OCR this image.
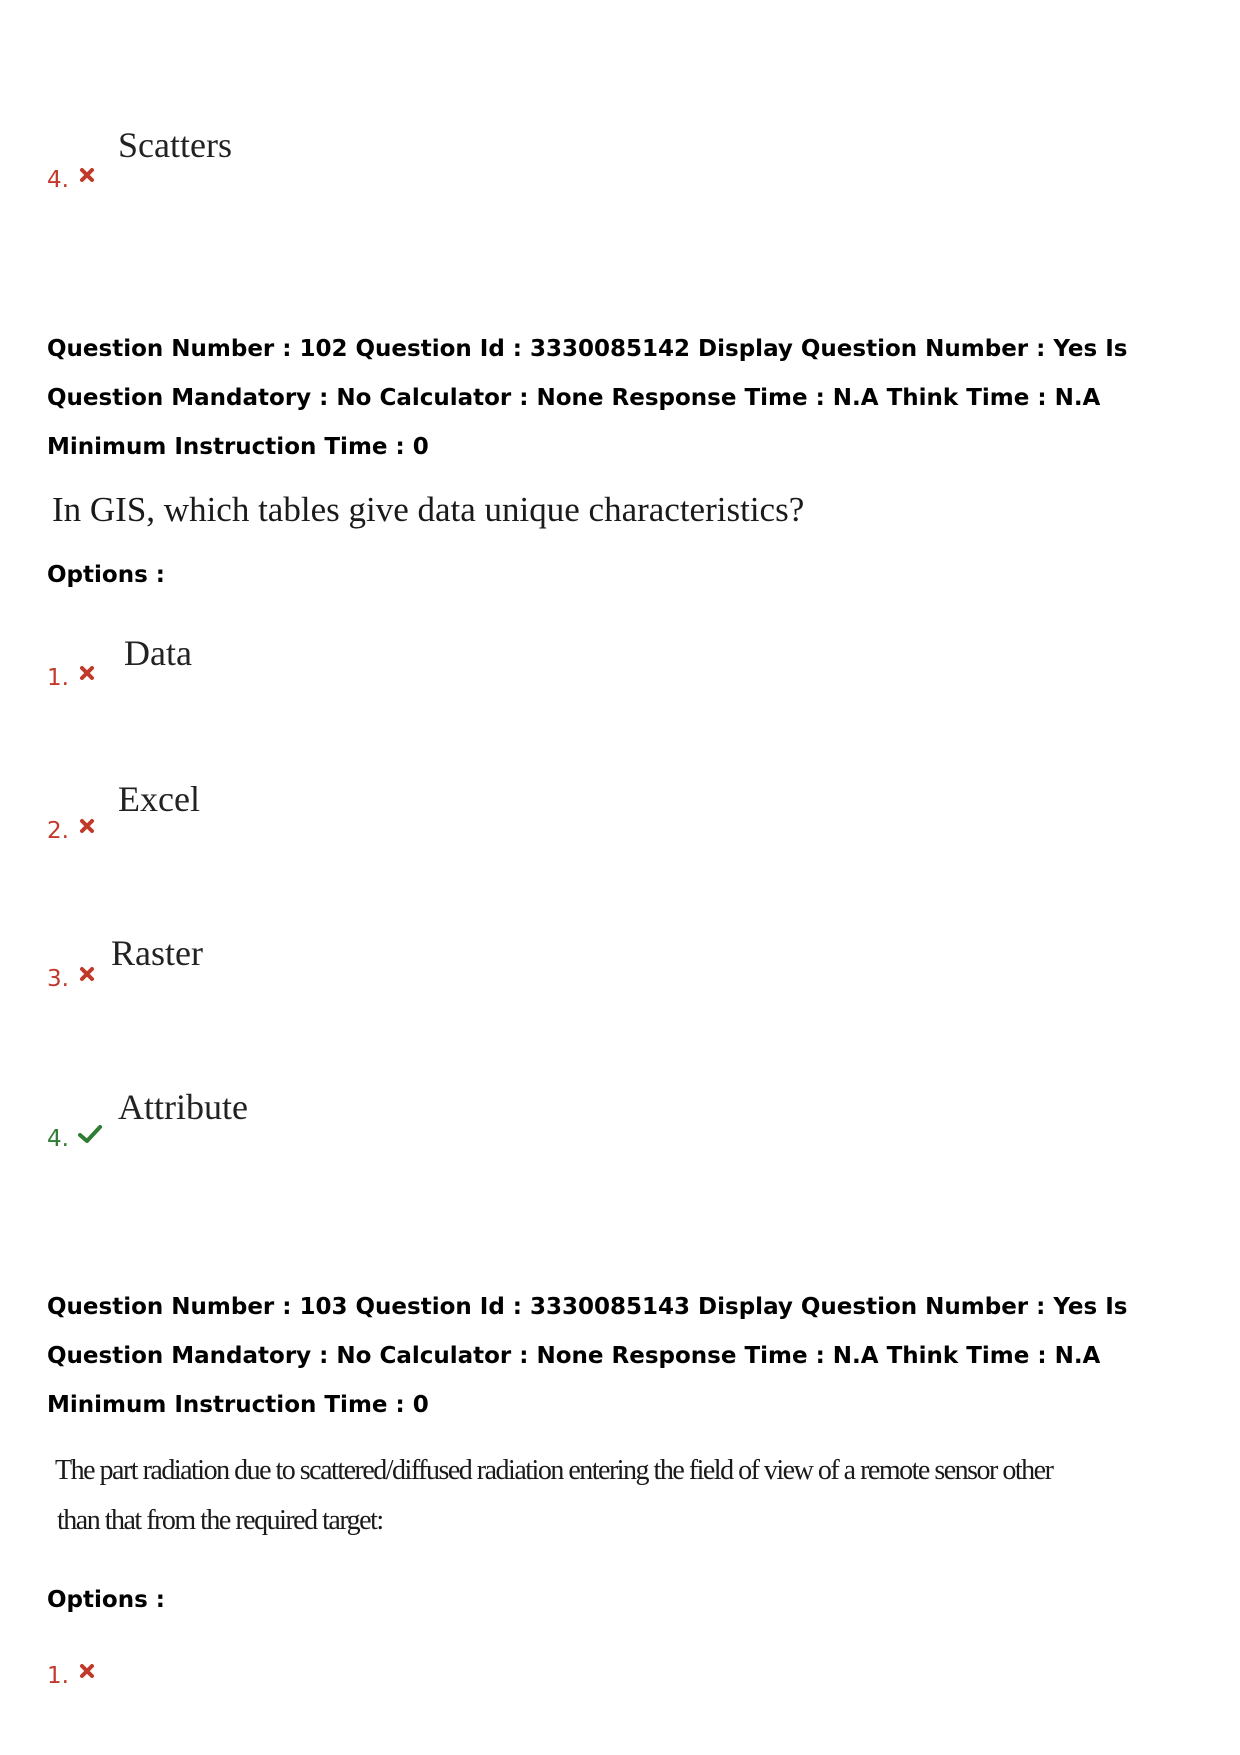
Scatters
4.
Question Number : 102 Question Id : 3330085142 Display Question Number : Yes Is Question Mandatory : No Calculator : None Response Time : N.A Think Time : N.A Minimum Instruction Time : 0
In GIS, which tables give data unique characteristics?
Options :
Data
1.
Excel
2.
Raster
3.
Attribute
4.
Question Number : 103 Question Id : 3330085143 Display Question Number : Yes Is Question Mandatory : No Calculator : None Response Time : N.A Think Time : N.A Minimum Instruction Time : 0
The part radiation due to scattered/diffused radiation entering the field of view of a remote sensor other
than that from the required target:
Options :
1.
